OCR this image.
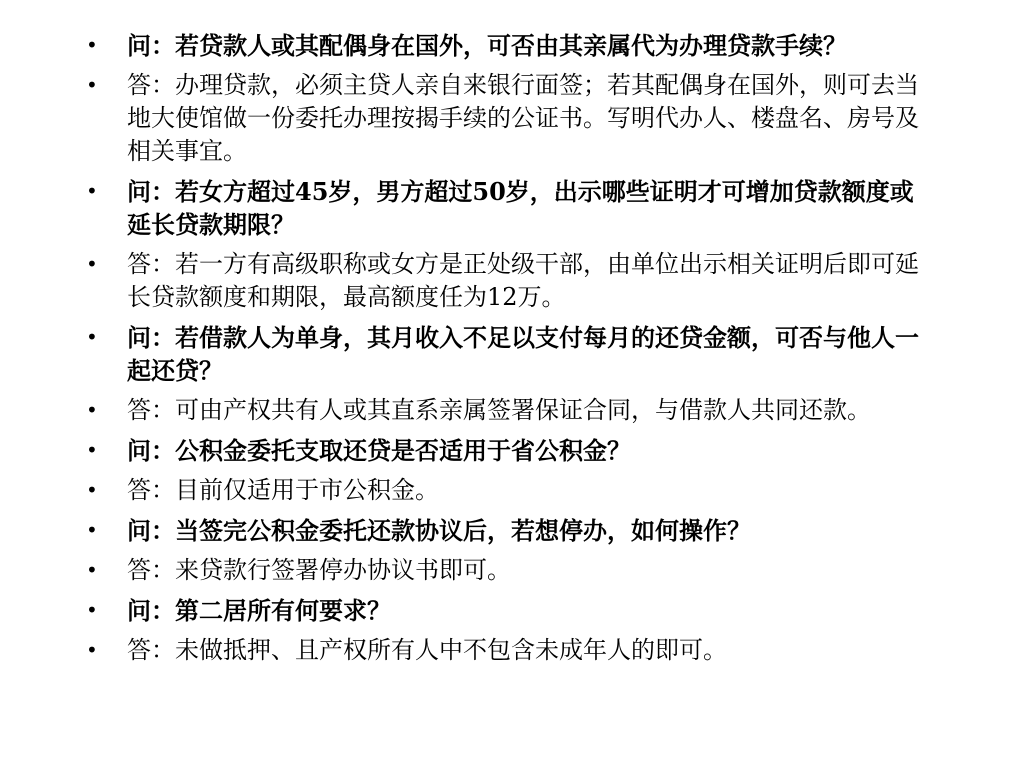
•	问：若贷款人或其配偶身在国外，可否由其亲属代为办理贷款手续？
•	答：办理贷款，必须主贷人亲自来银行面签；若其配偶身在国外，则可去当地大使馆做一份委托办理按揭手续的公证书。写明代办人、楼盘名、房号及相关事宜。
•	问：若女方超过45岁，男方超过50岁，出示哪些证明才可增加贷款额度或延长贷款期限？
•	答：若一方有高级职称或女方是正处级干部，由单位出示相关证明后即可延长贷款额度和期限，最高额度任为12万。
•	问：若借款人为单身，其月收入不足以支付每月的还贷金额，可否与他人一起还贷？
•	答：可由产权共有人或其直系亲属签署保证合同，与借款人共同还款。
•	问：公积金委托支取还贷是否适用于省公积金？
•	答：目前仅适用于市公积金。
•	问：当签完公积金委托还款协议后，若想停办，如何操作？
•	答：来贷款行签署停办协议书即可。
•	问：第二居所有何要求？
•	答：未做抵押、且产权所有人中不包含未成年人的即可。
